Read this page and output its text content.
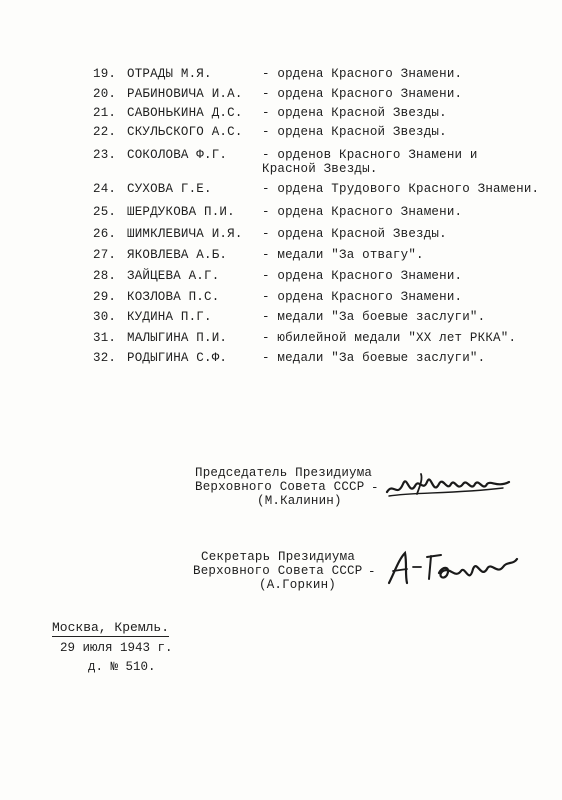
19. ОТРАДЫ М.Я.	- ордена Красного Знамени.
20. РАБИНОВИЧА И.А. - ордена Красного Знамени.
21. САВОНЬКИНА Д.С. - ордена Красной Звезды.
22. СКУЛЬСКОГО А.С. - ордена Красной Звезды.
23. СОКОЛОВА Ф.Г.	- орденов Красного Знамени и
Красной Звезды.
24. СУХОВА Г.Е.	- ордена Трудового Красного Знамени.
25. ШЕРДУКОВА П.И. - ордена Красного Знамени.
26. ШИМКЛЕВИЧА И.Я. - ордена Красной Звезды.
27. ЯКОВЛЕВА А.Б.	- медали "За отвагу".
28. ЗАЙЦЕВА А.Г.	- ордена Красного Знамени.
29. КОЗЛОВА П.С.	- ордена Красного Знамени.
30. КУДИНА П.Г.	- медали "За боевые заслуги".
31. МАЛЫГИНА П.И.	- юбилейной медали "XX лет РККА".
32. РОДЫГИНА С.Ф.	- медали "За боевые заслуги".
Председатель Президиума
Верховного Совета СССР
(М.Калинин)
-
Секретарь Президиума
Верховного Совета СССР
(А.Горкин)
-
Москва, Кремль.
29 июля 1943 г.
д. № 510.
